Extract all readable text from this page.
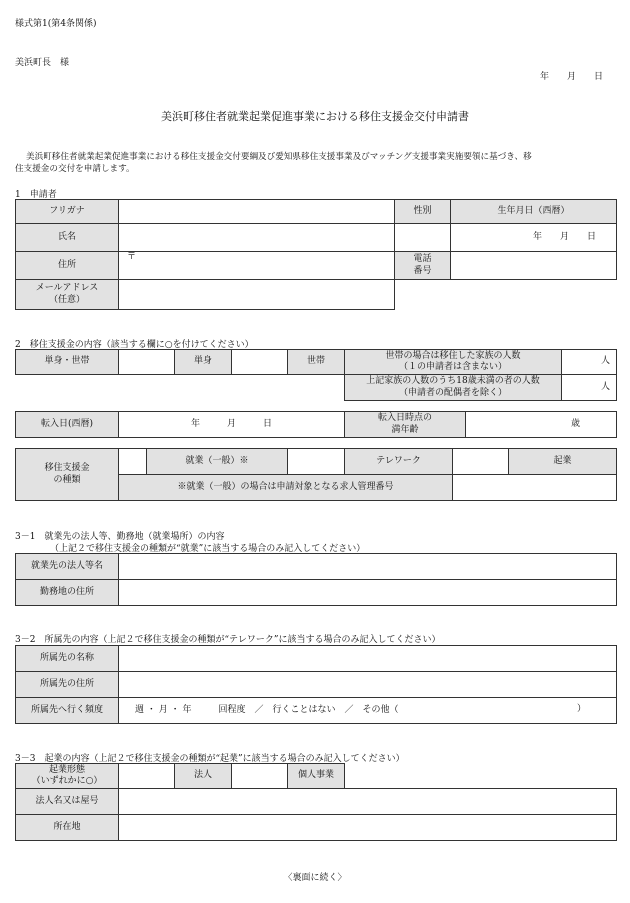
様式第1(第4条関係)
美浜町長　様
年　　月　　日
美浜町移住者就業起業促進事業における移住支援金交付申請書
美浜町移住者就業起業促進事業における移住支援金交付要綱及び愛知県移住支援事業及びマッチング支援事業実施要領に基づき、移
住支援金の交付を申請します。
1　申請者
フリガナ		性別	生年月日（西暦）
氏名			年　　月　　日
住所	〒	電話
番号	
メールアドレス
（任意）			
2　移住支援金の内容（該当する欄に○を付けてください）
単身・世帯		単身		世帯	世帯の場合は移住した家族の人数
（１の申請者は含まない）	人
					上記家族の人数のうち18歳未満の者の人数
（申請者の配偶者を除く）	人
転入日(西暦)	年　　　月　　　日	転入日時点の
満年齢	歳
移住支援金
の種類		就業（一般）※		テレワーク		起業
	※就業（一般）の場合は申請対象となる求人管理番号					
3－1　就業先の法人等、勤務地（就業場所）の内容
（上記２で移住支援金の種類が“就業”に該当する場合のみ記入してください）
就業先の法人等名	
勤務地の住所	
3－2　所属先の内容（上記２で移住支援金の種類が“テレワーク”に該当する場合のみ記入してください）
所属先の名称	
所属先の住所	
所属先へ行く頻度	週 ・ 月 ・ 年　　　回程度　／　行くことはない　／　その他（ ）
3－3　起業の内容（上記２で移住支援金の種類が“起業”に該当する場合のみ記入してください）
起業形態
（いずれかに○）		法人		個人事業	
法人名又は屋号					
所在地					
〈裏面に続く〉
